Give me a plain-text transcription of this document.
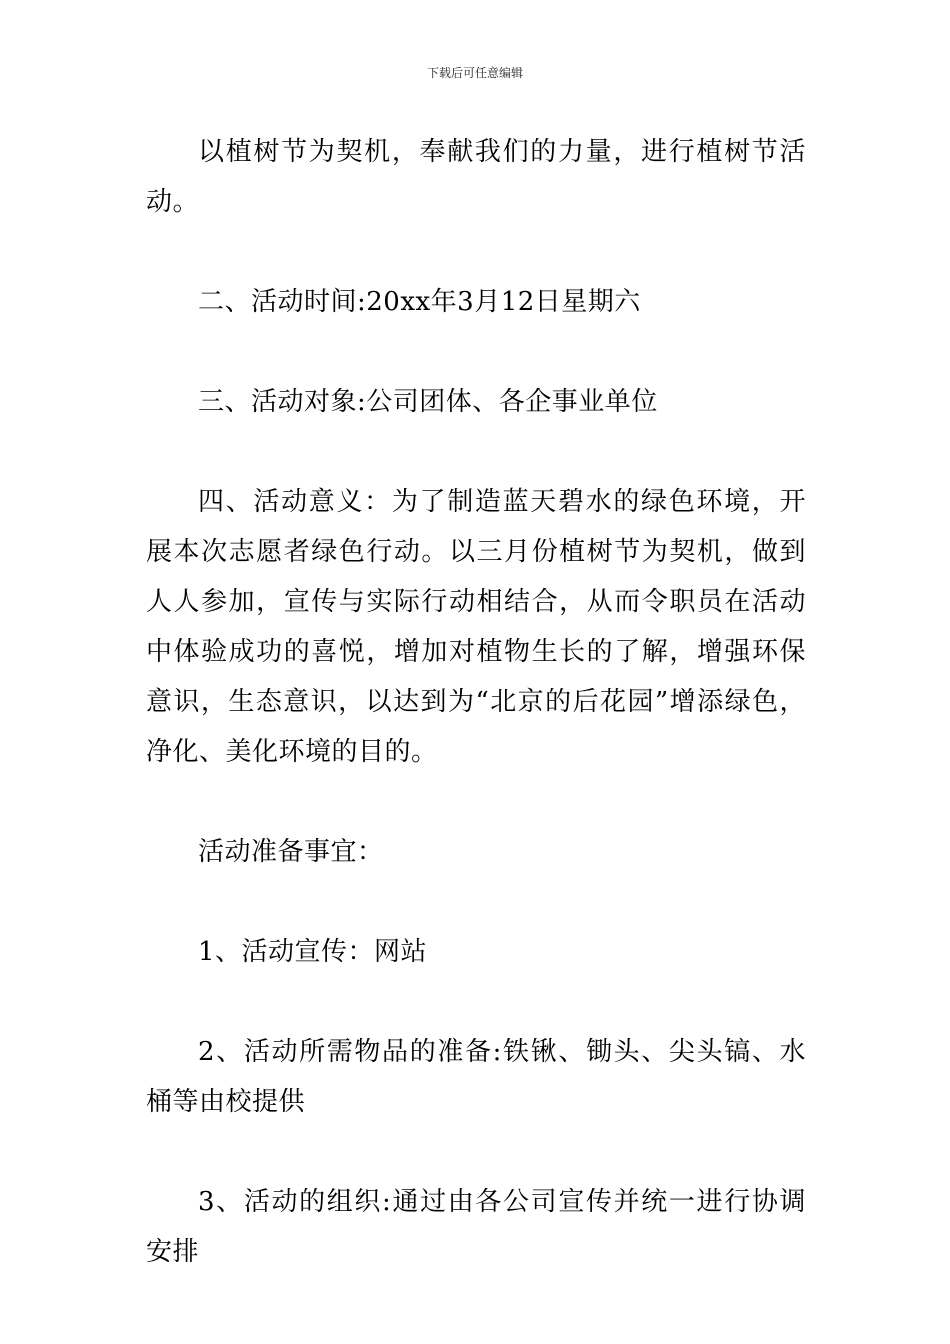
下载后可任意编辑

以植树节为契机，奉献我们的力量，进行植树节活动。

二、活动时间:20xx年3月12日星期六

三、活动对象:公司团体、各企事业单位

四、活动意义：为了制造蓝天碧水的绿色环境，开展本次志愿者绿色行动。以三月份植树节为契机，做到人人参加，宣传与实际行动相结合，从而令职员在活动中体验成功的喜悦，增加对植物生长的了解，增强环保意识，生态意识，以达到为“北京的后花园”增添绿色，净化、美化环境的目的。

活动准备事宜：

1、活动宣传：网站

2、活动所需物品的准备:铁锹、锄头、尖头镐、水桶等由校提供

3、活动的组织:通过由各公司宣传并统一进行协调安排
